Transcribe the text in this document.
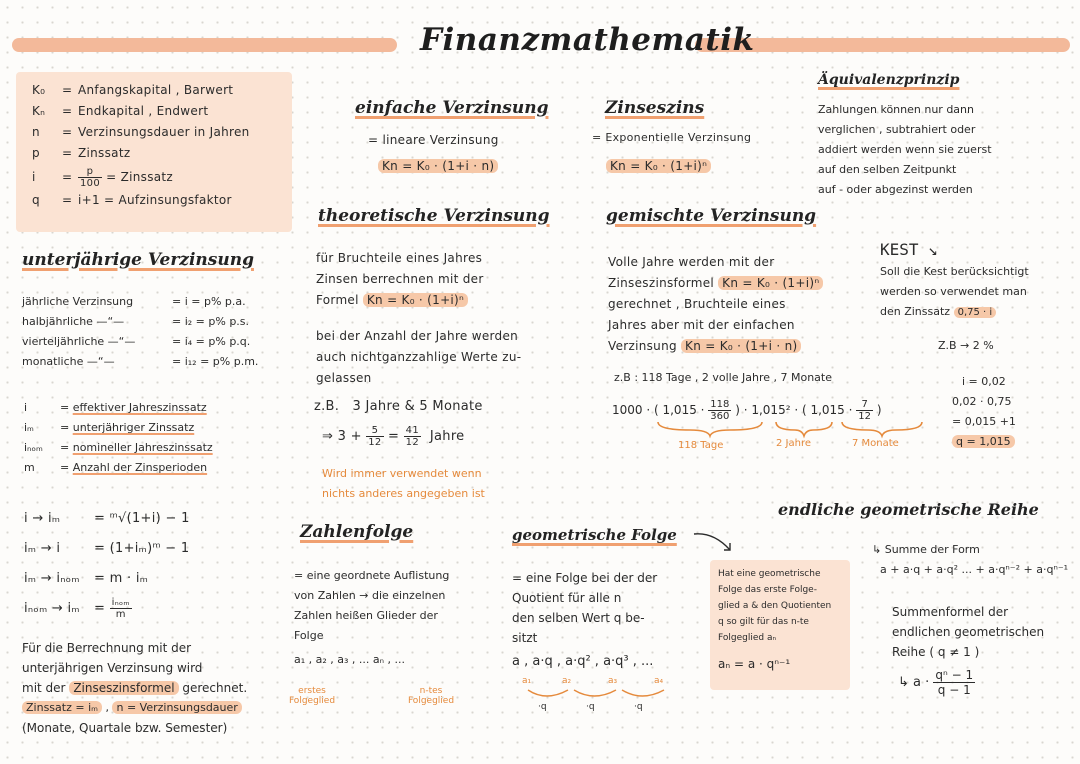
Finanzmathematik
K₀ = Anfangskapital , Barwert
Kₙ = Endkapital , Endwert
n = Verzinsungsdauer in Jahren
p = Zinssatz
$i = \frac{p}{100}$ = Zinssatz
q = i+1 = Aufzinsungsfaktor
einfache Verzinsung
= lineare Verzinsung
Kn = K₀ · (1+i · n)
Zinseszins
= Exponentielle Verzinsung
Kn = K₀ · (1+i)ⁿ
Äquivalenzprinzip
Zahlungen können nur dann
verglichen , subtrahiert oder
addiert werden wenn sie zuerst
auf den selben Zeitpunkt
auf - oder abgezinst werden
theoretische Verzinsung
für Bruchteile eines Jahres
Zinsen berrechnen mit der
Formel Kn = K₀ · (1+i)ⁿ
bei der Anzahl der Jahre werden
auch nichtganzzahlige Werte zu-
gelassen
z.B. 3 Jahre & 5 Monate
⇒ $3 + \frac{5}{12} = \frac{41}{12}$ Jahre
Wird immer verwendet wenn
nichts anderes angegeben ist
gemischte Verzinsung
Volle Jahre werden mit der
Zinseszinsformel Kn = K₀ · (1+i)ⁿ
gerechnet , Bruchteile eines
Jahres aber mit der einfachen
Verzinsung Kn = K₀ · (1+i · n)
z.B : 118 Tage , 2 volle Jahre , 7 Monate
1000 · ( $1,015 \cdot \frac{118}{360}$ ) · 1,015² · ( $1,015 \cdot \frac{7}{12}$ )
118 Tage	2 Jahre	7 Monate
KEST ↘
Soll die Kest berücksichtigt
werden so verwendet man
den Zinssatz 0,75 · i
Z.B → 2 %
i = 0,02
0,02 · 0,75
= 0,015 +1
q = 1,015
unterjährige Verzinsung
jährliche Verzinsung	= i = p% p.a.
halbjährliche —“—	= i₂ = p% p.s.
vierteljährliche —“—	= i₄ = p% p.q.
monatliche —“—	= i₁₂ = p% p.m.
i	= effektiver Jahreszinssatz
iₘ = unterjähriger Zinssatz
iₙₒₘ = nomineller Jahreszinssatz
m = Anzahl der Zinsperioden
i → iₘ	= ᵐ√(1+i) − 1
iₘ → i	= (1+iₘ)ᵐ − 1
iₘ → iₙₒₘ = m · iₘ
$i_{nom} \to i_m = \frac{\text{iₙₒₘ}}{m}$
Für die Berrechnung mit der
unterjährigen Verzinsung wird
mit der Zinseszinsformel gerechnet.
Zinssatz = iₘ , n = Verzinsungsdauer
(Monate, Quartale bzw. Semester)
Zahlenfolge
= eine geordnete Auflistung
von Zahlen → die einzelnen
Zahlen heißen Glieder der
Folge
a₁ , a₂ , a₃ , ... aₙ , ...
erstes Folgeglied
n-tes Folgeglied
geometrische Folge
= eine Folge bei der der
Quotient für alle n
den selben Wert q be-
sitzt
a , a·q , a·q² , a·q³ , ...
a₁	a₂	a₃	a₄
·q	·q	·q
Hat eine geometrische
Folge das erste Folge-
glied a & den Quotienten
q so gilt für das n-te
Folgeglied aₙ
aₙ = a · qⁿ⁻¹
endliche geometrische Reihe
↳ Summe der Form
a + a·q + a·q² ... + a·qⁿ⁻² + a·qⁿ⁻¹
Summenformel der
endlichen geometrischen
Reihe ( q ≠ 1 )
↳ $a \cdot \frac{\text{qⁿ − 1}}{q - 1}$
